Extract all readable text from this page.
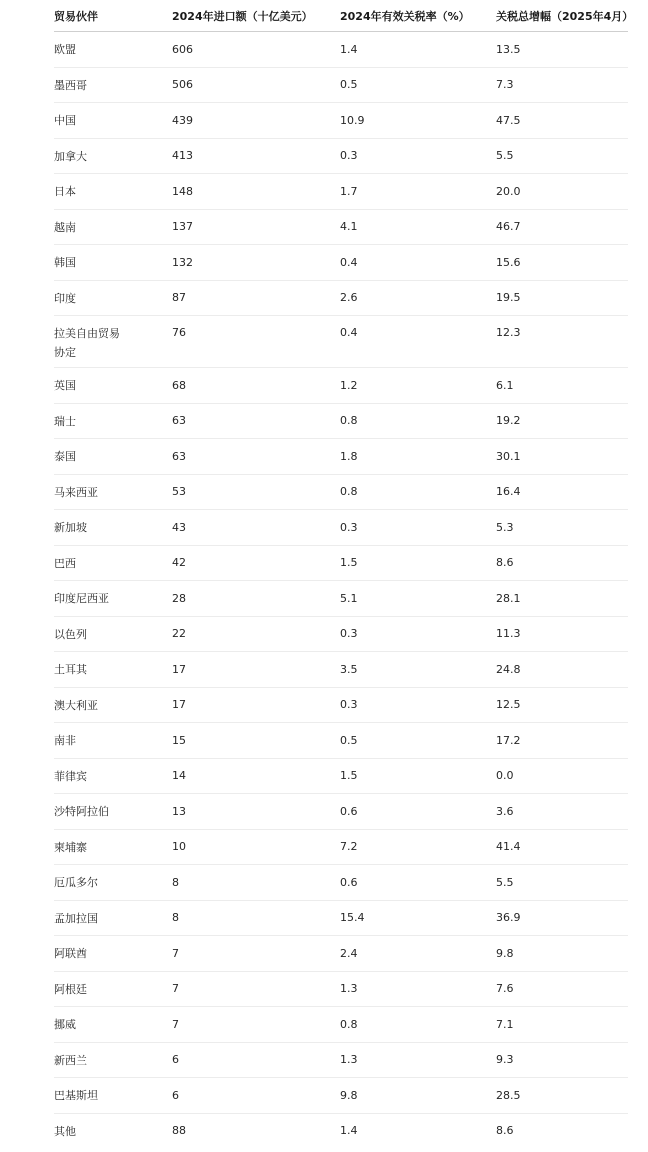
贸易伙伴	2024年进口额（十亿美元）	2024年有效关税率（%）	关税总增幅（2025年4月）
欧盟	606	1.4	13.5
墨西哥	506	0.5	7.3
中国	439	10.9	47.5
加拿大	413	0.3	5.5
日本	148	1.7	20.0
越南	137	4.1	46.7
韩国	132	0.4	15.6
印度	87	2.6	19.5
拉美自由贸易协定	76	0.4	12.3
英国	68	1.2	6.1
瑞士	63	0.8	19.2
泰国	63	1.8	30.1
马来西亚	53	0.8	16.4
新加坡	43	0.3	5.3
巴西	42	1.5	8.6
印度尼西亚	28	5.1	28.1
以色列	22	0.3	11.3
土耳其	17	3.5	24.8
澳大利亚	17	0.3	12.5
南非	15	0.5	17.2
菲律宾	14	1.5	0.0
沙特阿拉伯	13	0.6	3.6
柬埔寨	10	7.2	41.4
厄瓜多尔	8	0.6	5.5
孟加拉国	8	15.4	36.9
阿联酋	7	2.4	9.8
阿根廷	7	1.3	7.6
挪威	7	0.8	7.1
新西兰	6	1.3	9.3
巴基斯坦	6	9.8	28.5
其他	88	1.4	8.6
